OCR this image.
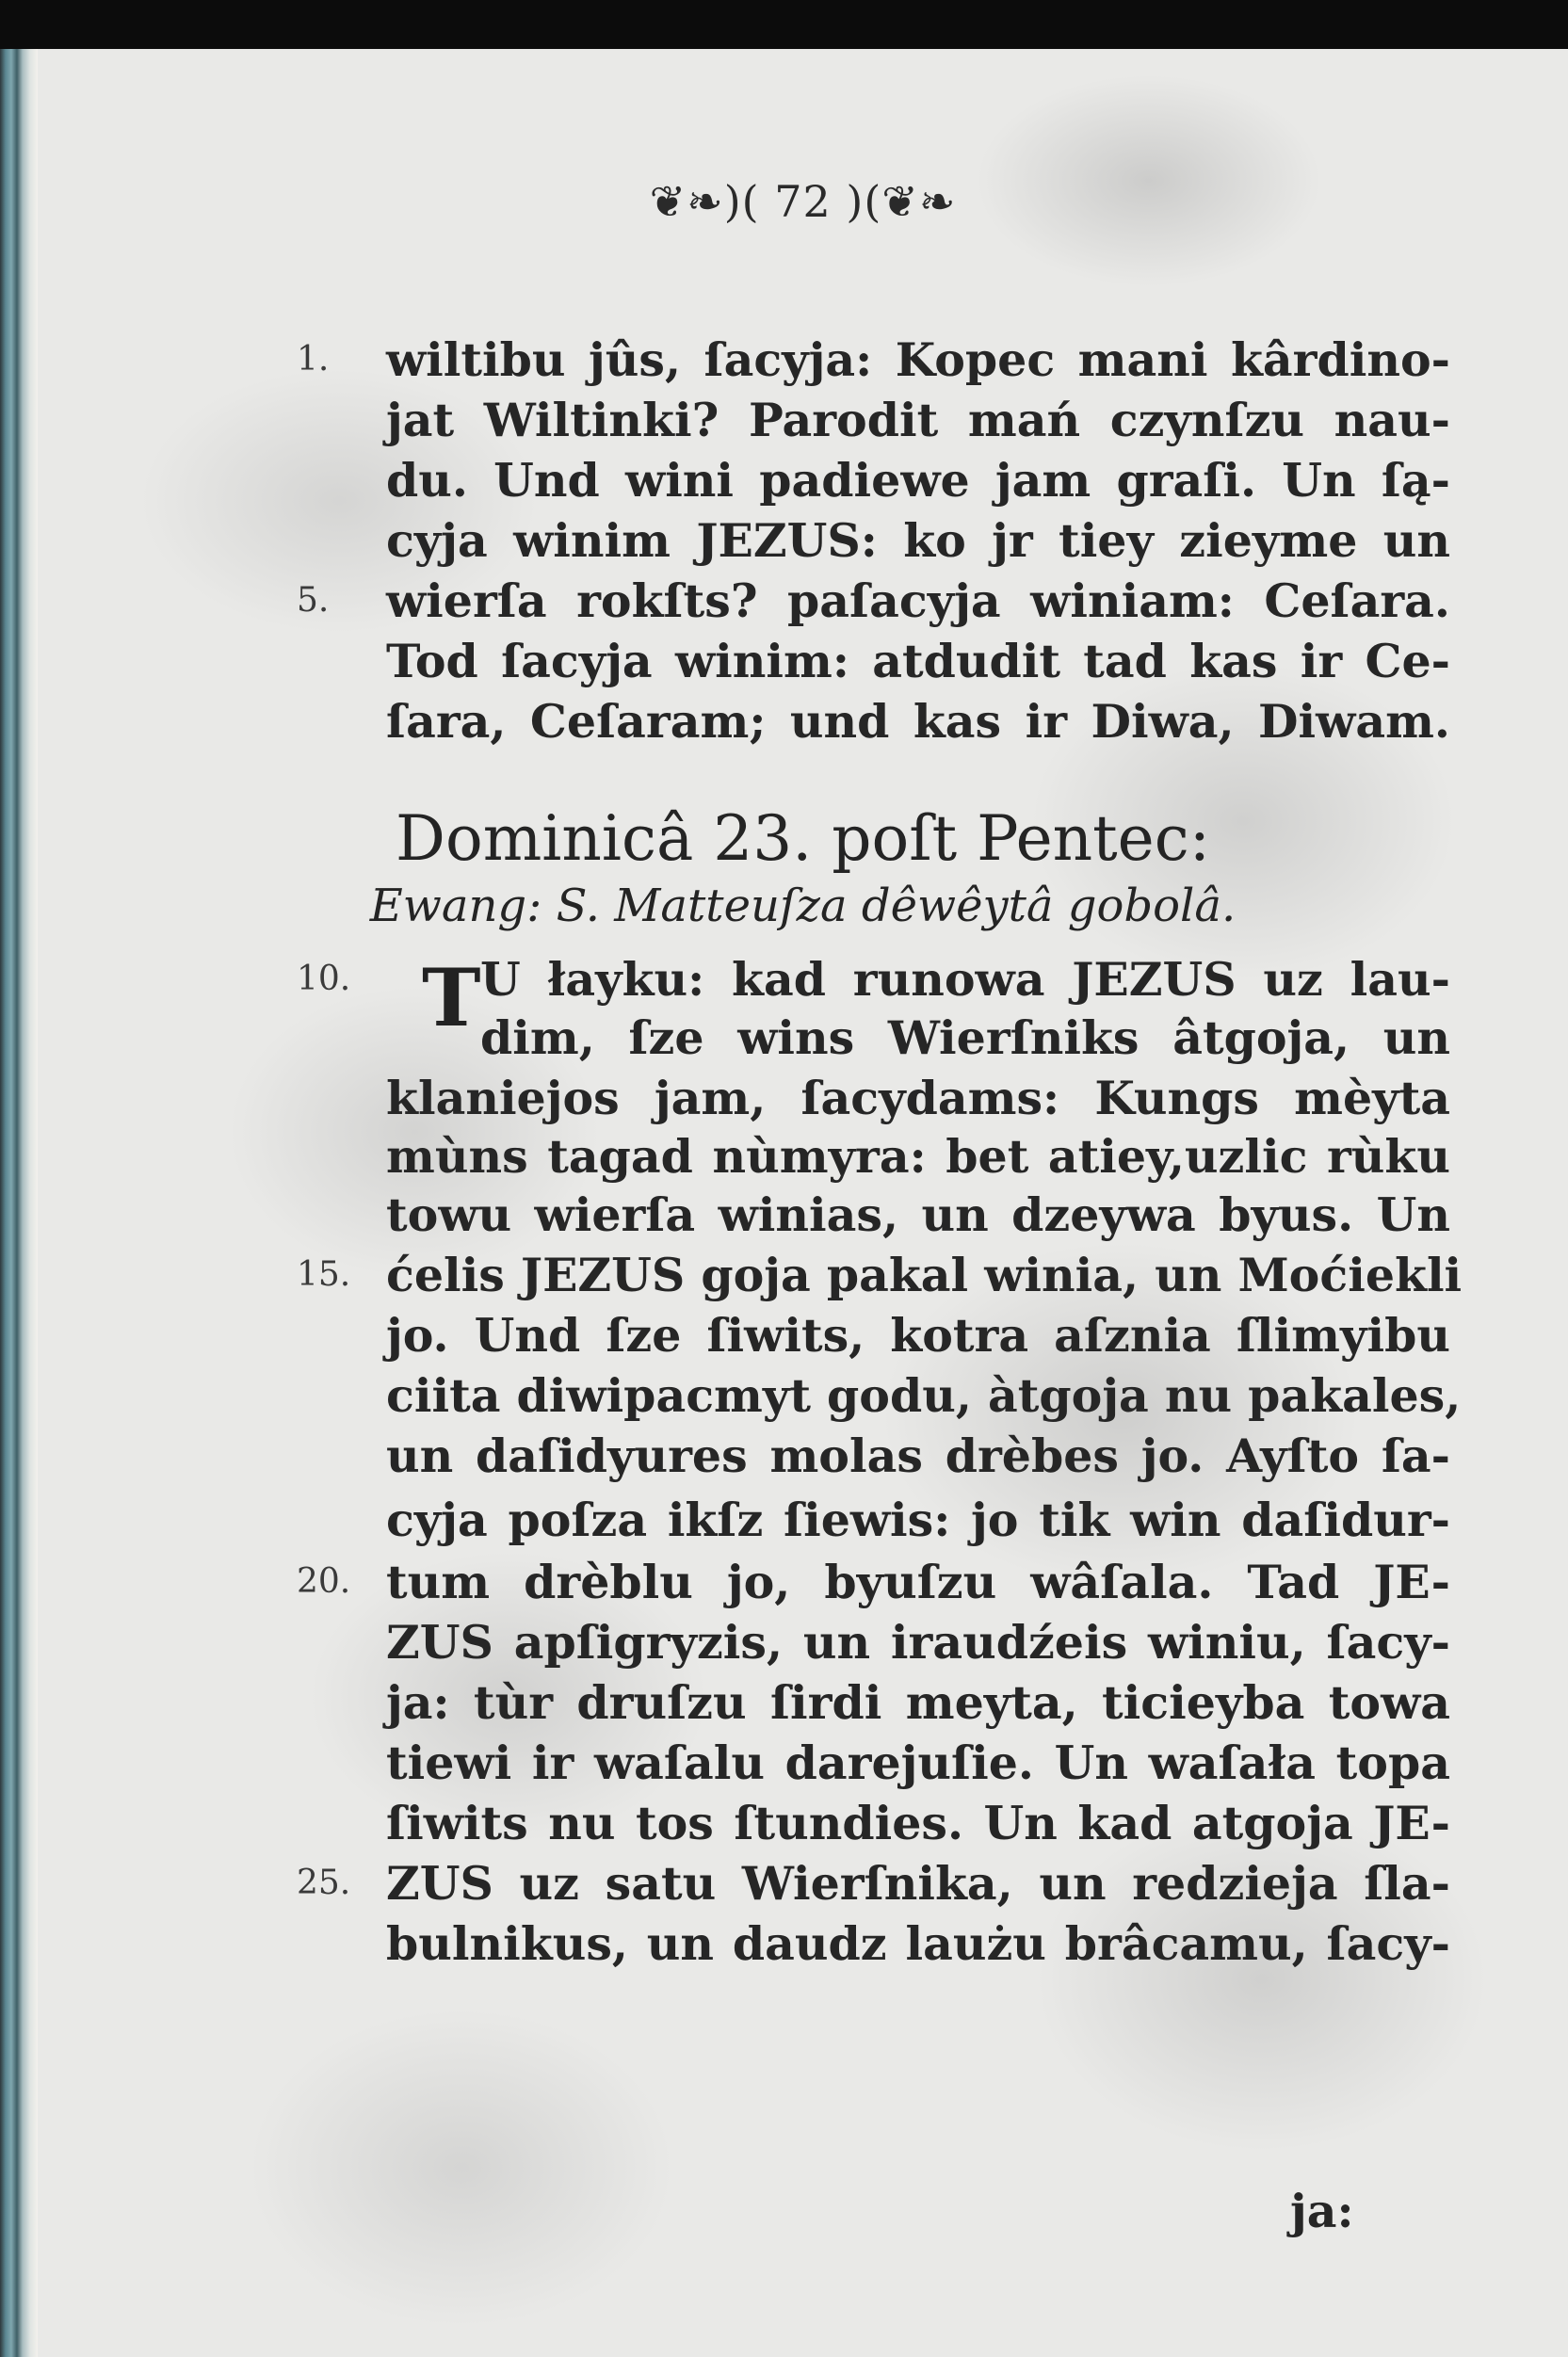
❦❧)( 72 )(❦❧
1.
5.
10.
15.
20.
25.
wiltibu jûs, ſacyja: Kopec mani kârdino-
jat Wiltinki? Parodit mań czynſzu nau-
du. Und wini padiewe jam graſi. Un ſą-
cyja winim JEZUS: ko jr tiey zieyme un
wierſa rokſts? paſacyja winiam: Ceſara.
Tod ſacyja winim: atdudit tad kas ir Ce-
ſara, Ceſaram; und kas ir Diwa, Diwam.
Dominicâ 23. poſt Pentec:
Ewang: S. Matteuſza dêwêytâ gobolâ.
T U łayku: kad runowa JEZUS uz lau-
dim, ſze wins Wierſniks âtgoja, un
klaniejos jam, ſacydams: Kungs mèyta
mùns tagad nùmyra: bet atiey,uzlic rùku
towu wierſa winias, un dzeywa byus. Un
ćelis JEZUS goja pakal winia, un Moćiekli
jo. Und ſze ſiwits, kotra aſznia ſlimyibu
ciita diwipacmyt godu, àtgoja nu pakales,
un daſidyures molas drèbes jo. Ayſto ſa-
cyja poſza ikſz ſiewis: jo tik win daſidur-
tum drèblu jo, byuſzu wâſala. Tad JE-
ZUS apſigryzis, un iraudźeis winiu, ſacy-
ja: tùr druſzu ſirdi meyta, ticieyba towa
tiewi ir waſalu darejuſie. Un waſała topa
ſiwits nu tos ſtundies. Un kad atgoja JE-
ZUS uz satu Wierſnika, un redzieja ſla-
bulnikus, un daudz laużu brâcamu, ſacy-
ja:
